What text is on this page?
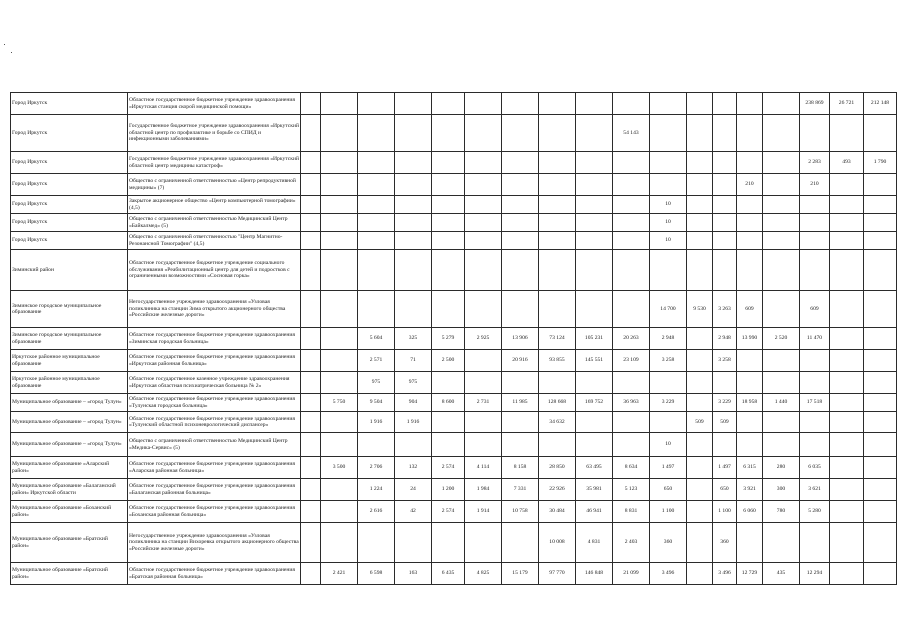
Город Иркутск	Областное государственное бюджетное учреждение здравоохранения «Иркутская станция скорой медицинской помощи»																238 869	26 721	212 148
Город Иркутск	Государственное бюджетное учреждение здравоохранения «Иркутский областной центр по профилактике и борьбе со СПИД и инфекционными заболеваниями»										54 143								
Город Иркутск	Государственное бюджетное учреждение здравоохранения «Иркутский областной центр медицины катастроф»																2 283	493	1 790
Город Иркутск	Общество с ограниченной ответственностью «Центр репродуктивной медицины» (7)														210		210		
Город Иркутск	Закрытое акционерное общество «Центр компьютерной томографии» (4,5)											10							
Город Иркутск	Общество с ограниченной ответственностью Медицинский Центр «Байкалмед» (5)											10							
Город Иркутск	Общество с ограниченной ответственностью "Центр Магнитно-Резонансной Томографии" (4,5)											10							
Зиминский район	Областное государственное бюджетное учреждение социального обслуживания «Реабилитационный центр для детей и подростков с ограниченными возможностями «Сосновая горка»																		
Зиминское городское муниципальное образование	Негосударственное учреждение здравоохранения «Узловая поликлиника на станции Зима открытого акционерного общества «Российские железные дороги»											14 700	9 530	3 263	609		609		
Зиминское городское муниципальное образование	Областное государственное бюджетное учреждение здравоохранения «Зиминская городская больница»			5 604	325	5 279	2 925	13 906	73 124	105 231	20 263	2 948		2 948	13 990	2 520	11 470		
Иркутское районное муниципальное образование	Областное государственное бюджетное учреждение здравоохранения «Иркутская районная больница»			2 571	71	2 500		20 916	93 855	145 551	23 109	3 258		3 258					
Иркутское районное муниципальное образование	Областное государственное казенное учреждение здравоохранения «Иркутская областная психиатрическая больница № 2»			975	975														
Муниципальное образование – «город Тулун»	Областное государственное бюджетное учреждение здравоохранения «Тулунская городская больница»		5 750	9 504	904	8 600	2 731	11 985	128 668	169 752	36 963	3 229		3 229	18 958	1 440	17 518		
Муниципальное образование – «город Тулун»	Областное государственное бюджетное учреждение здравоохранения «Тулунский областной психоневрологический диспансер»			1 916	1 916				34 632				509	509					
Муниципальное образование – «город Тулун»	Общество с ограниченной ответственностью Медицинский Центр «Медика-Сервис» (5)											10							
Муниципальное образование «Аларский район»	Областное государственное бюджетное учреждение здравоохранения «Аларская районная больница»		3 500	2 706	132	2 574	4 114	8 158	28 850	63 495	8 634	1 497		1 497	6 315	280	6 035		
Муниципальное образование «Балаганский район» Иркутской области	Областное государственное бюджетное учреждение здравоохранения «Балаганская районная больница»			1 224	24	1 200	1 984	7 331	22 926	35 981	5 123	650		650	3 921	300	3 621		
Муниципальное образование «Боханский район»	Областное государственное бюджетное учреждение здравоохранения «Боханская районная больница»			2 616	42	2 574	1 914	10 758	30 484	46 941	8 831	1 100		1 100	6 060	780	5 280		
Муниципальное образование «Братский район»	Негосударственное учреждение здравоохранения «Узловая поликлиника на станции Вихоревка открытого акционерного общества «Российские железные дороги»								10 008	4 831	2 403	360		360					
Муниципальное образование «Братский район»	Областное государственное бюджетное учреждение здравоохранения «Братская районная больница»		2 421	6 598	163	6 435	4 825	15 179	97 770	146 848	21 099	3 496		3 496	12 729	435	12 294		
